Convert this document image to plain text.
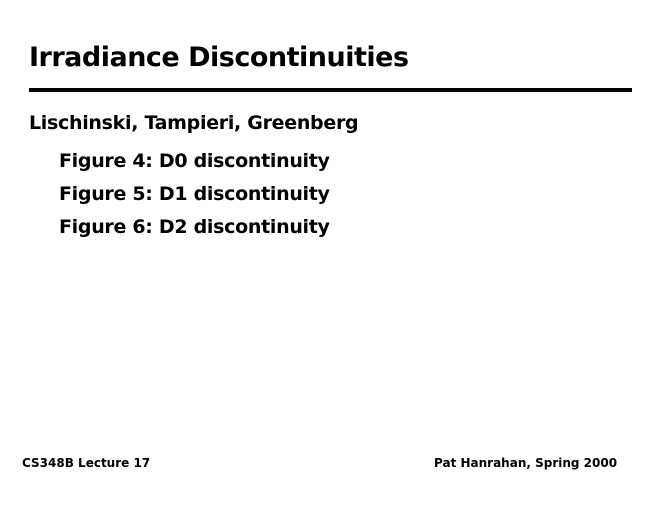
Irradiance Discontinuities
Lischinski, Tampieri, Greenberg
Figure 4: D0 discontinuity
Figure 5: D1 discontinuity
Figure 6: D2 discontinuity
CS348B Lecture 17	Pat Hanrahan, Spring 2000
